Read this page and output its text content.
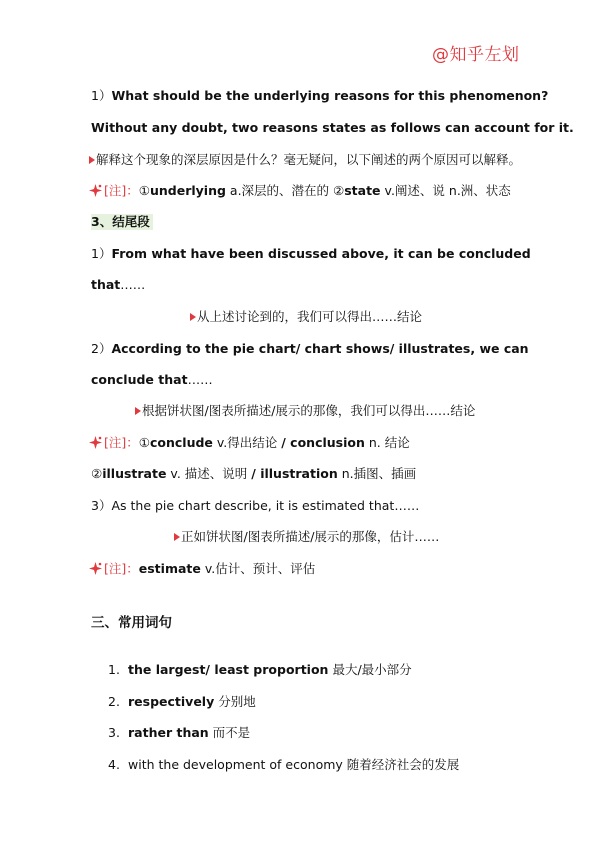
@知乎左划
1）What should be the underlying reasons for this phenomenon?
Without any doubt, two reasons states as follows can account for it.
解释这个现象的深层原因是什么？毫无疑问，以下阐述的两个原因可以解释。
[注]：①underlying a.深层的、潜在的 ②state v.阐述、说 n.洲、状态
3、结尾段
1）From what have been discussed above, it can be concluded
that……
从上述讨论到的，我们可以得出……结论
2）According to the pie chart/ chart shows/ illustrates, we can
conclude that……
根据饼状图/图表所描述/展示的那像，我们可以得出……结论
[注]：①conclude v.得出结论 / conclusion n. 结论
②illustrate v. 描述、说明 / illustration n.插图、插画
3）As the pie chart describe, it is estimated that……
正如饼状图/图表所描述/展示的那像，估计……
[注]：estimate v.估计、预计、评估
三、常用词句
1. the largest/ least proportion 最大/最小部分
2. respectively 分别地
3. rather than 而不是
4. with the development of economy 随着经济社会的发展
